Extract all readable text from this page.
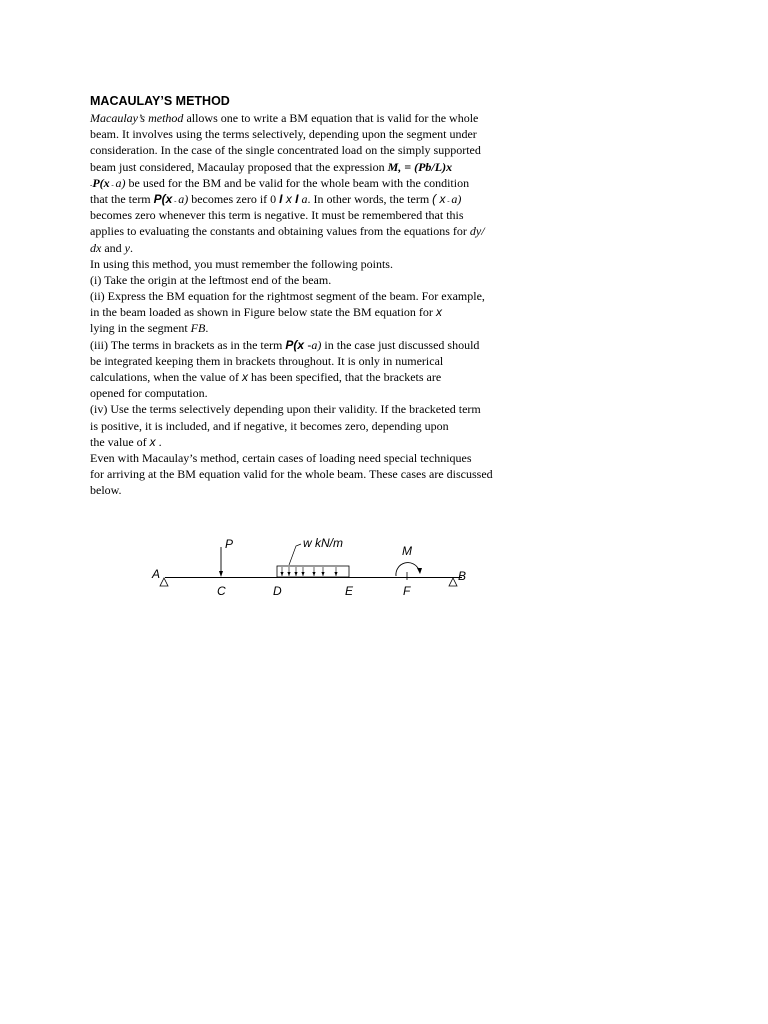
MACAULAY’S METHOD
Macaulay’s method allows one to write a BM equation that is valid for the whole
beam. It involves using the terms selectively, depending upon the segment under
consideration. In the case of the single concentrated load on the simply supported
beam just considered, Macaulay proposed that the expression M, = (Pb/L)x
-P(x - a) be used for the BM and be valid for the whole beam with the condition
that the term P(x - a) becomes zero if 0 I x I a. In other words, the term ( x - a)
becomes zero whenever this term is negative. It must be remembered that this
applies to evaluating the constants and obtaining values from the equations for dy/
dx and y.
In using this method, you must remember the following points.
(i) Take the origin at the leftmost end of the beam.
(ii) Express the BM equation for the rightmost segment of the beam. For example,
in the beam loaded as shown in Figure below state the BM equation for x
lying in the segment FB.
(iii) The terms in brackets as in the term P(x -a) in the case just discussed should
be integrated keeping them in brackets throughout. It is only in numerical
calculations, when the value of x has been specified, that the brackets are
opened for computation.
(iv) Use the terms selectively depending upon their validity. If the bracketed term
is positive, it is included, and if negative, it becomes zero, depending upon
the value of x .
Even with Macaulay’s method, certain cases of loading need special techniques
for arriving at the BM equation valid for the whole beam. These cases are discussed
below.
P	w kN/m
M
A
C	D	E	F
B
